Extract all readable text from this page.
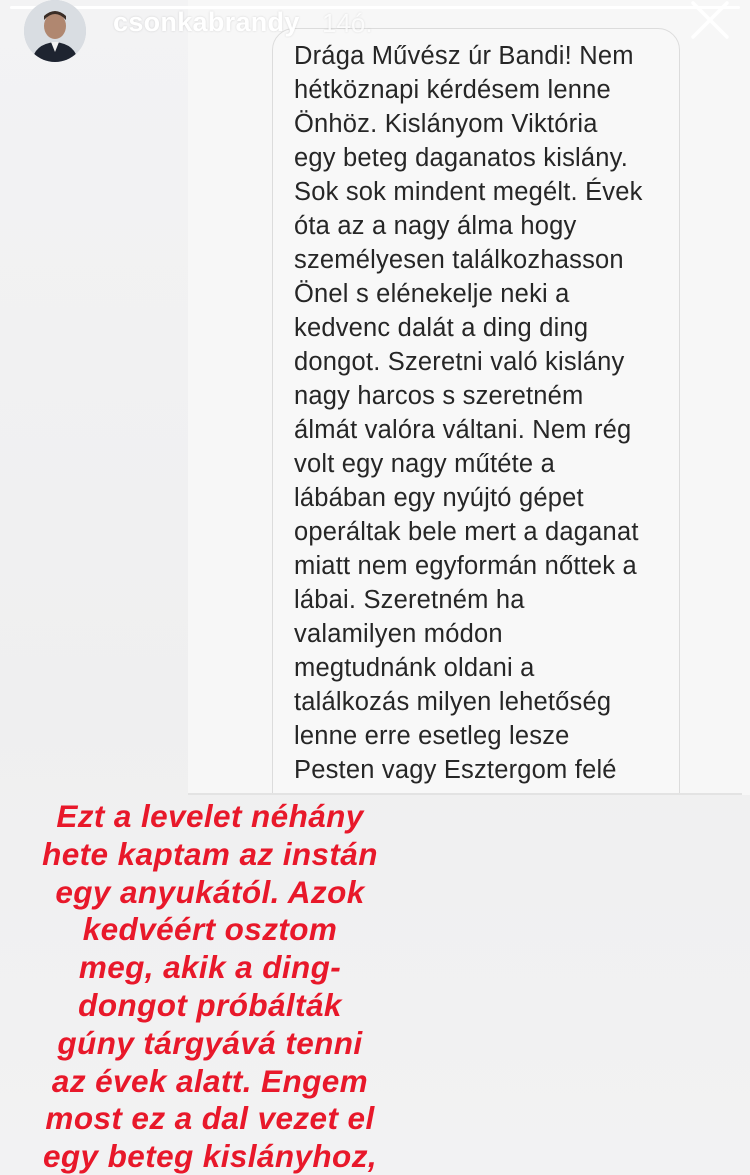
Drága Művész úr Bandi! Nem
hétköznapi kérdésem lenne
Önhöz. Kislányom Viktória
egy beteg daganatos kislány.
Sok sok mindent megélt. Évek
óta az a nagy álma hogy
személyesen találkozhasson
Önel s elénekelje neki a
kedvenc dalát a ding ding
dongot. Szeretni való kislány
nagy harcos s szeretném
álmát valóra váltani. Nem rég
volt egy nagy műtéte a
lábában egy nyújtó gépet
operáltak bele mert a daganat
miatt nem egyformán nőttek a
lábai. Szeretném ha
valamilyen módon
megtudnánk oldani a
találkozás milyen lehetőség
lenne erre esetleg lesze
Pesten vagy Esztergom felé
csonkabrandy 14ó.
Ezt a levelet néhány
hete kaptam az instán
egy anyukától. Azok
kedvéért osztom
meg, akik a ding-
dongot próbálták
gúny tárgyává tenni
az évek alatt. Engem
most ez a dal vezet el
egy beteg kislányhoz,
